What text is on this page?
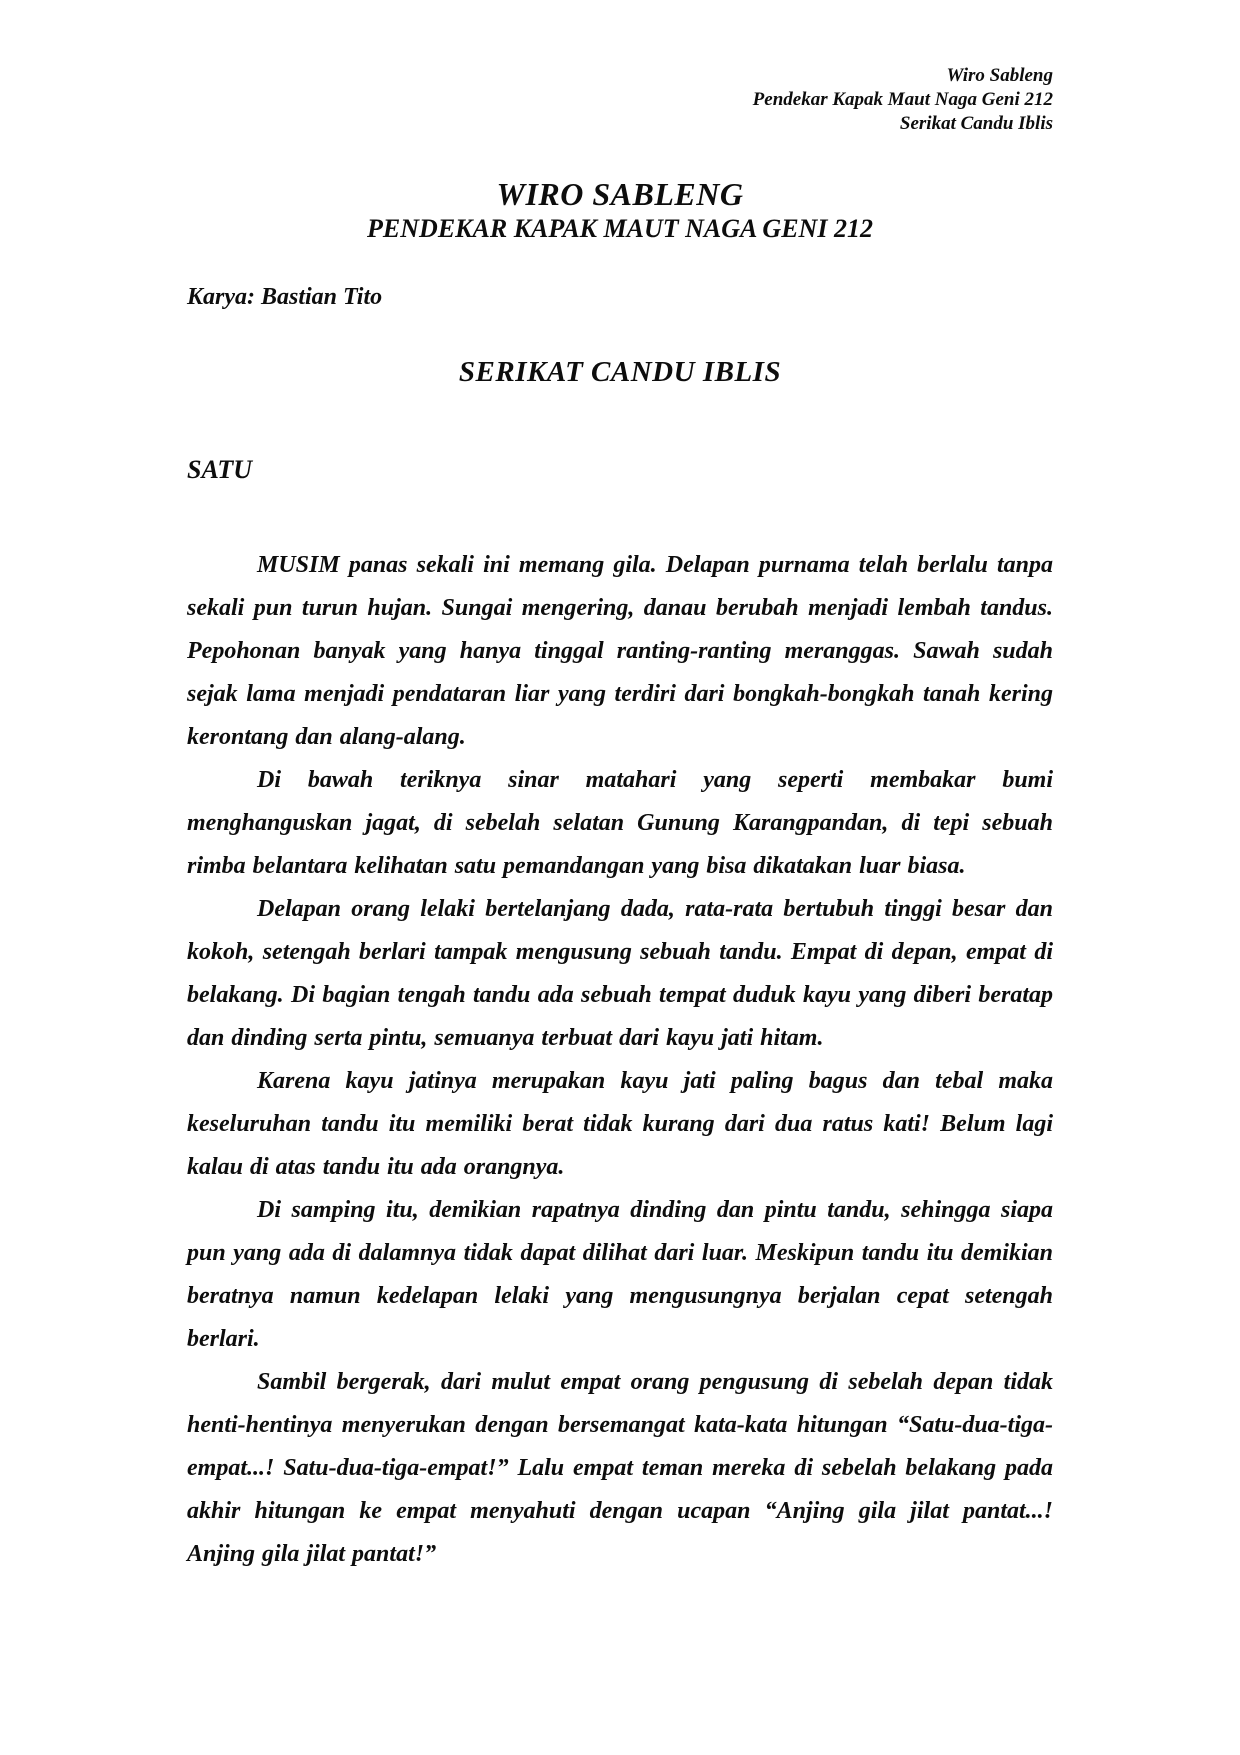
Wiro Sableng
Pendekar Kapak Maut Naga Geni 212
Serikat Candu Iblis
WIRO SABLENG
PENDEKAR KAPAK MAUT NAGA GENI 212
Karya: Bastian Tito
SERIKAT CANDU IBLIS
SATU

MUSIM panas sekali ini memang gila. Delapan purnama telah berlalu tanpa sekali pun turun hujan. Sungai mengering, danau berubah menjadi lembah tandus. Pepohonan banyak yang hanya tinggal ranting-ranting meranggas. Sawah sudah sejak lama menjadi pendataran liar yang terdiri dari bongkah-bongkah tanah kering kerontang dan alang-alang.

Di bawah teriknya sinar matahari yang seperti membakar bumi menghanguskan jagat, di sebelah selatan Gunung Karangpandan, di tepi sebuah rimba belantara kelihatan satu pemandangan yang bisa dikatakan luar biasa.

Delapan orang lelaki bertelanjang dada, rata-rata bertubuh tinggi besar dan kokoh, setengah berlari tampak mengusung sebuah tandu. Empat di depan, empat di belakang. Di bagian tengah tandu ada sebuah tempat duduk kayu yang diberi beratap dan dinding serta pintu, semuanya terbuat dari kayu jati hitam.

Karena kayu jatinya merupakan kayu jati paling bagus dan tebal maka keseluruhan tandu itu memiliki berat tidak kurang dari dua ratus kati! Belum lagi kalau di atas tandu itu ada orangnya.

Di samping itu, demikian rapatnya dinding dan pintu tandu, sehingga siapa pun yang ada di dalamnya tidak dapat dilihat dari luar. Meskipun tandu itu demikian beratnya namun kedelapan lelaki yang mengusungnya berjalan cepat setengah berlari.

Sambil bergerak, dari mulut empat orang pengusung di sebelah depan tidak henti-hentinya menyerukan dengan bersemangat kata-kata hitungan “Satu-dua-tiga-empat...! Satu-dua-tiga-empat!” Lalu empat teman mereka di sebelah belakang pada akhir hitungan ke empat menyahuti dengan ucapan “Anjing gila jilat pantat...! Anjing gila jilat pantat!”
